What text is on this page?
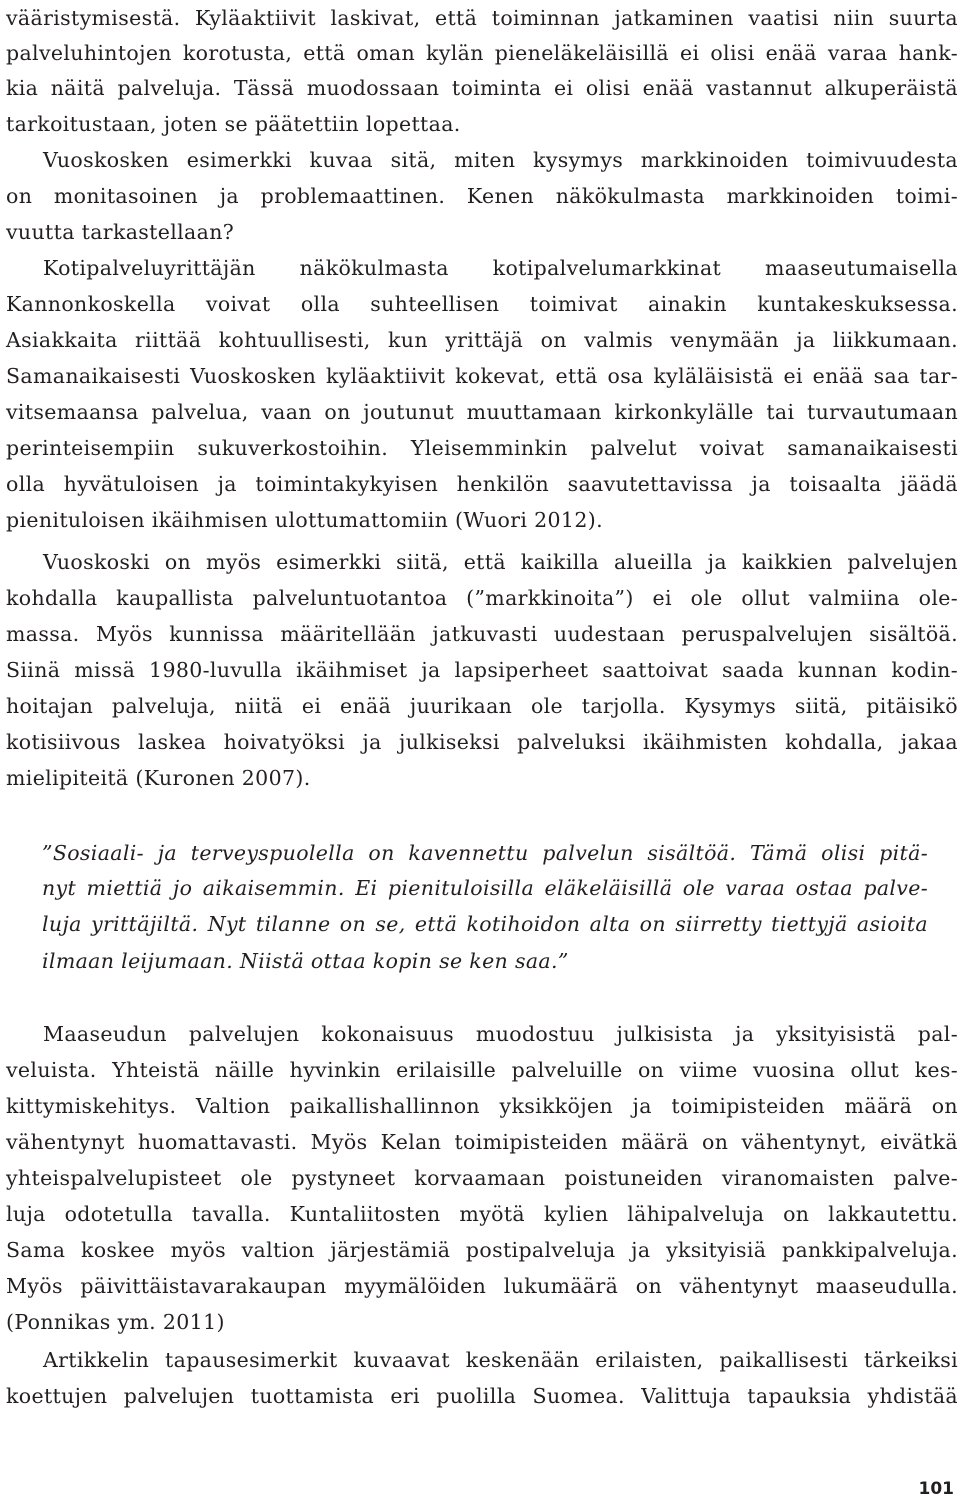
vääristymisestä. Kyläaktiivit laskivat, että toiminnan jatkaminen vaatisi niin suurta
palveluhintojen korotusta, että oman kylän pieneläkeläisillä ei olisi enää varaa hank-
kia näitä palveluja. Tässä muodossaan toiminta ei olisi enää vastannut alkuperäistä
tarkoitustaan, joten se päätettiin lopettaa.
Vuoskosken esimerkki kuvaa sitä, miten kysymys markkinoiden toimivuudesta
on monitasoinen ja problemaattinen. Kenen näkökulmasta markkinoiden toimi-
vuutta tarkastellaan?
Kotipalveluyrittäjän näkökulmasta kotipalvelumarkkinat maaseutumaisella
Kannonkoskella voivat olla suhteellisen toimivat ainakin kuntakeskuksessa.
Asiakkaita riittää kohtuullisesti, kun yrittäjä on valmis venymään ja liikkumaan.
Samanaikaisesti Vuoskosken kyläaktiivit kokevat, että osa kyläläisistä ei enää saa tar-
vitsemaansa palvelua, vaan on joutunut muuttamaan kirkonkylälle tai turvautumaan
perinteisempiin sukuverkostoihin. Yleisemminkin palvelut voivat samanaikaisesti
olla hyvätuloisen ja toimintakykyisen henkilön saavutettavissa ja toisaalta jäädä
pienituloisen ikäihmisen ulottumattomiin (Wuori 2012).
Vuoskoski on myös esimerkki siitä, että kaikilla alueilla ja kaikkien palvelujen
kohdalla kaupallista palveluntuotantoa (”markkinoita”) ei ole ollut valmiina ole-
massa. Myös kunnissa määritellään jatkuvasti uudestaan peruspalvelujen sisältöä.
Siinä missä 1980-luvulla ikäihmiset ja lapsiperheet saattoivat saada kunnan kodin-
hoitajan palveluja, niitä ei enää juurikaan ole tarjolla. Kysymys siitä, pitäisikö
kotisiivous laskea hoivatyöksi ja julkiseksi palveluksi ikäihmisten kohdalla, jakaa
mielipiteitä (Kuronen 2007).
”Sosiaali- ja terveyspuolella on kavennettu palvelun sisältöä. Tämä olisi pitä-
nyt miettiä jo aikaisemmin. Ei pienituloisilla eläkeläisillä ole varaa ostaa palve-
luja yrittäjiltä. Nyt tilanne on se, että kotihoidon alta on siirretty tiettyjä asioita
ilmaan leijumaan. Niistä ottaa kopin se ken saa.”
Maaseudun palvelujen kokonaisuus muodostuu julkisista ja yksityisistä pal-
veluista. Yhteistä näille hyvinkin erilaisille palveluille on viime vuosina ollut kes-
kittymiskehitys. Valtion paikallishallinnon yksikköjen ja toimipisteiden määrä on
vähentynyt huomattavasti. Myös Kelan toimipisteiden määrä on vähentynyt, eivätkä
yhteispalvelupisteet ole pystyneet korvaamaan poistuneiden viranomaisten palve-
luja odotetulla tavalla. Kuntaliitosten myötä kylien lähipalveluja on lakkautettu.
Sama koskee myös valtion järjestämiä postipalveluja ja yksityisiä pankkipalveluja.
Myös päivittäistavarakaupan myymälöiden lukumäärä on vähentynyt maaseudulla.
(Ponnikas ym. 2011)
Artikkelin tapausesimerkit kuvaavat keskenään erilaisten, paikallisesti tärkeiksi
koettujen palvelujen tuottamista eri puolilla Suomea. Valittuja tapauksia yhdistää
101
